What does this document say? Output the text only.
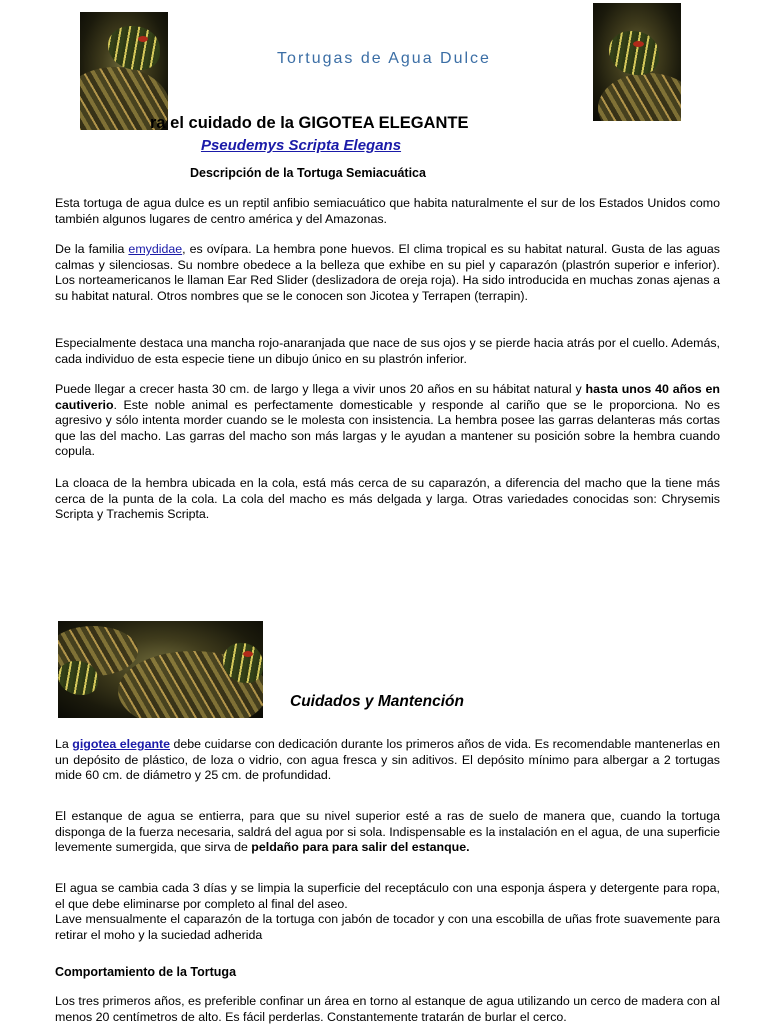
Tortugas de Agua Dulce
ra el cuidado de la GIGOTEA ELEGANTE
Pseudemys Scripta Elegans
Descripción de la Tortuga Semiacuática
Esta tortuga de agua dulce es un reptil anfibio semiacuático que habita naturalmente el sur de los Estados Unidos como también algunos lugares de centro américa y del Amazonas.
De la familia emydidae, es ovípara. La hembra pone huevos. El clima tropical es su habitat natural. Gusta de las aguas calmas y silenciosas. Su nombre obedece a la belleza que exhibe en su piel y caparazón (plastrón superior e inferior). Los norteamericanos le llaman Ear Red Slider (deslizadora de oreja roja). Ha sido introducida en muchas zonas ajenas a su habitat natural. Otros nombres que se le conocen son Jicotea y Terrapen (terrapin).
Especialmente destaca una mancha rojo-anaranjada que nace de sus ojos y se pierde hacia atrás por el cuello. Además, cada individuo de esta especie tiene un dibujo único en su plastrón inferior.
Puede llegar a crecer hasta 30 cm. de largo y llega a vivir unos 20 años en su hábitat natural y hasta unos 40 años en cautiverio. Este noble animal es perfectamente domesticable y responde al cariño que se le proporciona. No es agresivo y sólo intenta morder cuando se le molesta con insistencia. La hembra posee las garras delanteras más cortas que las del macho. Las garras del macho son más largas y le ayudan a mantener su posición sobre la hembra cuando copula.
La cloaca de la hembra ubicada en la cola, está más cerca de su caparazón, a diferencia del macho que la tiene más cerca de la punta de la cola. La cola del macho es más delgada y larga. Otras variedades conocidas son: Chrysemis Scripta y Trachemis Scripta.
Cuidados y Mantención
La gigotea elegante debe cuidarse con dedicación durante los primeros años de vida. Es recomendable mantenerlas en un depósito de plástico, de loza o vidrio, con agua fresca y sin aditivos. El depósito mínimo para albergar a 2 tortugas mide 60 cm. de diámetro y 25 cm. de profundidad.
El estanque de agua se entierra, para que su nivel superior esté a ras de suelo de manera que, cuando la tortuga disponga de la fuerza necesaria, saldrá del agua por si sola. Indispensable es la instalación en el agua, de una superficie levemente sumergida, que sirva de peldaño para para salir del estanque.
El agua se cambia cada 3 días y se limpia la superficie del receptáculo con una esponja áspera y detergente para ropa, el que debe eliminarse por completo al final del aseo.
Lave mensualmente el caparazón de la tortuga con jabón de tocador y con una escobilla de uñas frote suavemente para retirar el moho y la suciedad adherida
Comportamiento de la Tortuga
Los tres primeros años, es preferible confinar un área en torno al estanque de agua utilizando un cerco de madera con al menos 20 centímetros de alto. Es fácil perderlas. Constantemente tratarán de burlar el cerco.
